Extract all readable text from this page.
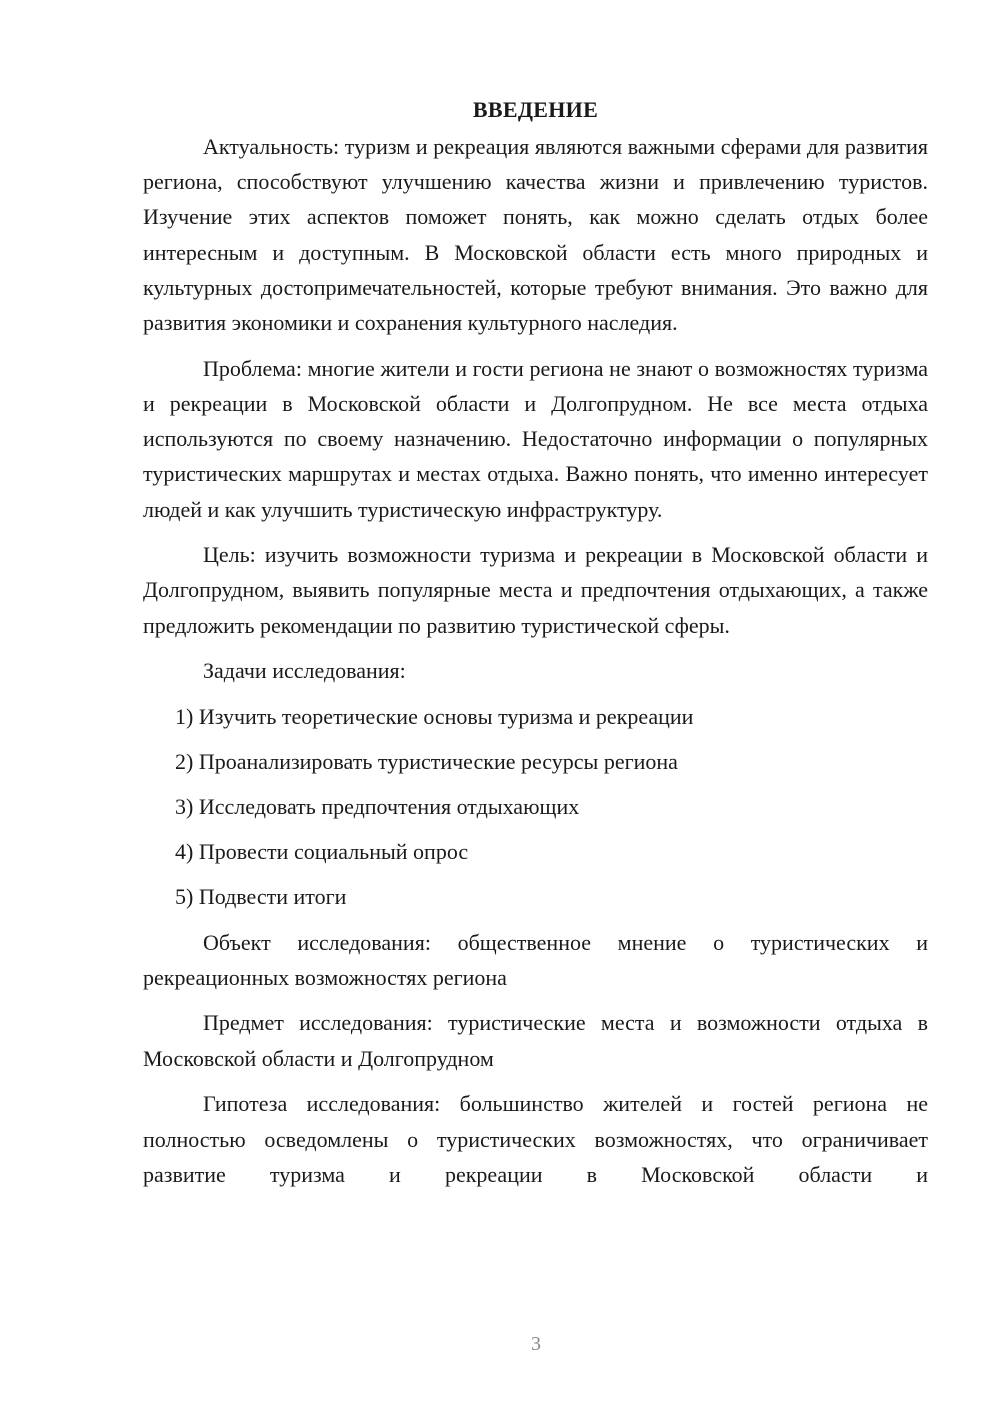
ВВЕДЕНИЕ

Актуальность: туризм и рекреация являются важными сферами для развития региона, способствуют улучшению качества жизни и привлечению туристов. Изучение этих аспектов поможет понять, как можно сделать отдых более интересным и доступным. В Московской области есть много природных и культурных достопримечательностей, которые требуют внимания. Это важно для развития экономики и сохранения культурного наследия.

Проблема: многие жители и гости региона не знают о возможностях туризма и рекреации в Московской области и Долгопрудном. Не все места отдыха используются по своему назначению. Недостаточно информации о популярных туристических маршрутах и местах отдыха. Важно понять, что именно интересует людей и как улучшить туристическую инфраструктуру.

Цель: изучить возможности туризма и рекреации в Московской области и Долгопрудном, выявить популярные места и предпочтения отдыхающих, а также предложить рекомендации по развитию туристической сферы.

Задачи исследования:
1) Изучить теоретические основы туризма и рекреации
2) Проанализировать туристические ресурсы региона
3) Исследовать предпочтения отдыхающих
4) Провести социальный опрос
5) Подвести итоги

Объект исследования: общественное мнение о туристических и рекреационных возможностях региона

Предмет исследования: туристические места и возможности отдыха в Московской области и Долгопрудном

Гипотеза исследования: большинство жителей и гостей региона не полностью осведомлены о туристических возможностях, что ограничивает развитие туризма и рекреации в Московской области и

3
